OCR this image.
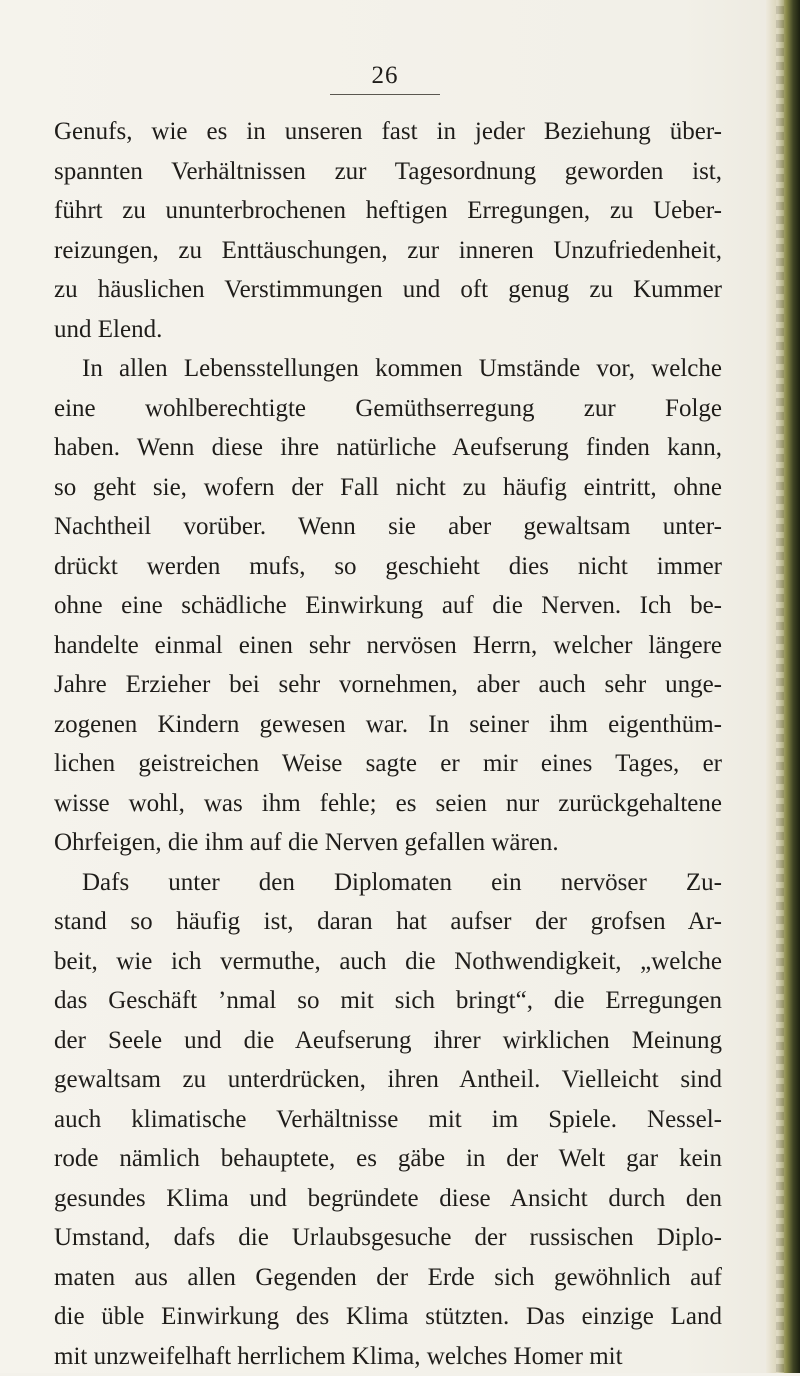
26
Genufs, wie es in unseren fast in jeder Beziehung über-
spannten Verhältnissen zur Tagesordnung geworden ist,
führt zu ununterbrochenen heftigen Erregungen, zu Ueber-
reizungen, zu Enttäuschungen, zur inneren Unzufriedenheit,
zu häuslichen Verstimmungen und oft genug zu Kummer
und Elend.
In allen Lebensstellungen kommen Umstände vor, welche
eine wohlberechtigte Gemüthserregung zur Folge
haben. Wenn diese ihre natürliche Aeufserung finden kann,
so geht sie, wofern der Fall nicht zu häufig eintritt, ohne
Nachtheil vorüber. Wenn sie aber gewaltsam unter-
drückt werden mufs, so geschieht dies nicht immer
ohne eine schädliche Einwirkung auf die Nerven. Ich be-
handelte einmal einen sehr nervösen Herrn, welcher längere
Jahre Erzieher bei sehr vornehmen, aber auch sehr unge-
zogenen Kindern gewesen war. In seiner ihm eigenthüm-
lichen geistreichen Weise sagte er mir eines Tages, er
wisse wohl, was ihm fehle; es seien nur zurückgehaltene
Ohrfeigen, die ihm auf die Nerven gefallen wären.
Dafs unter den Diplomaten ein nervöser Zu-
stand so häufig ist, daran hat aufser der grofsen Ar-
beit, wie ich vermuthe, auch die Nothwendigkeit, „welche
das Geschäft ’nmal so mit sich bringt“, die Erregungen
der Seele und die Aeufserung ihrer wirklichen Meinung
gewaltsam zu unterdrücken, ihren Antheil. Vielleicht sind
auch klimatische Verhältnisse mit im Spiele. Nessel-
rode nämlich behauptete, es gäbe in der Welt gar kein
gesundes Klima und begründete diese Ansicht durch den
Umstand, dafs die Urlaubsgesuche der russischen Diplo-
maten aus allen Gegenden der Erde sich gewöhnlich auf
die üble Einwirkung des Klima stützten. Das einzige Land
mit unzweifelhaft herrlichem Klima, welches Homer mit
